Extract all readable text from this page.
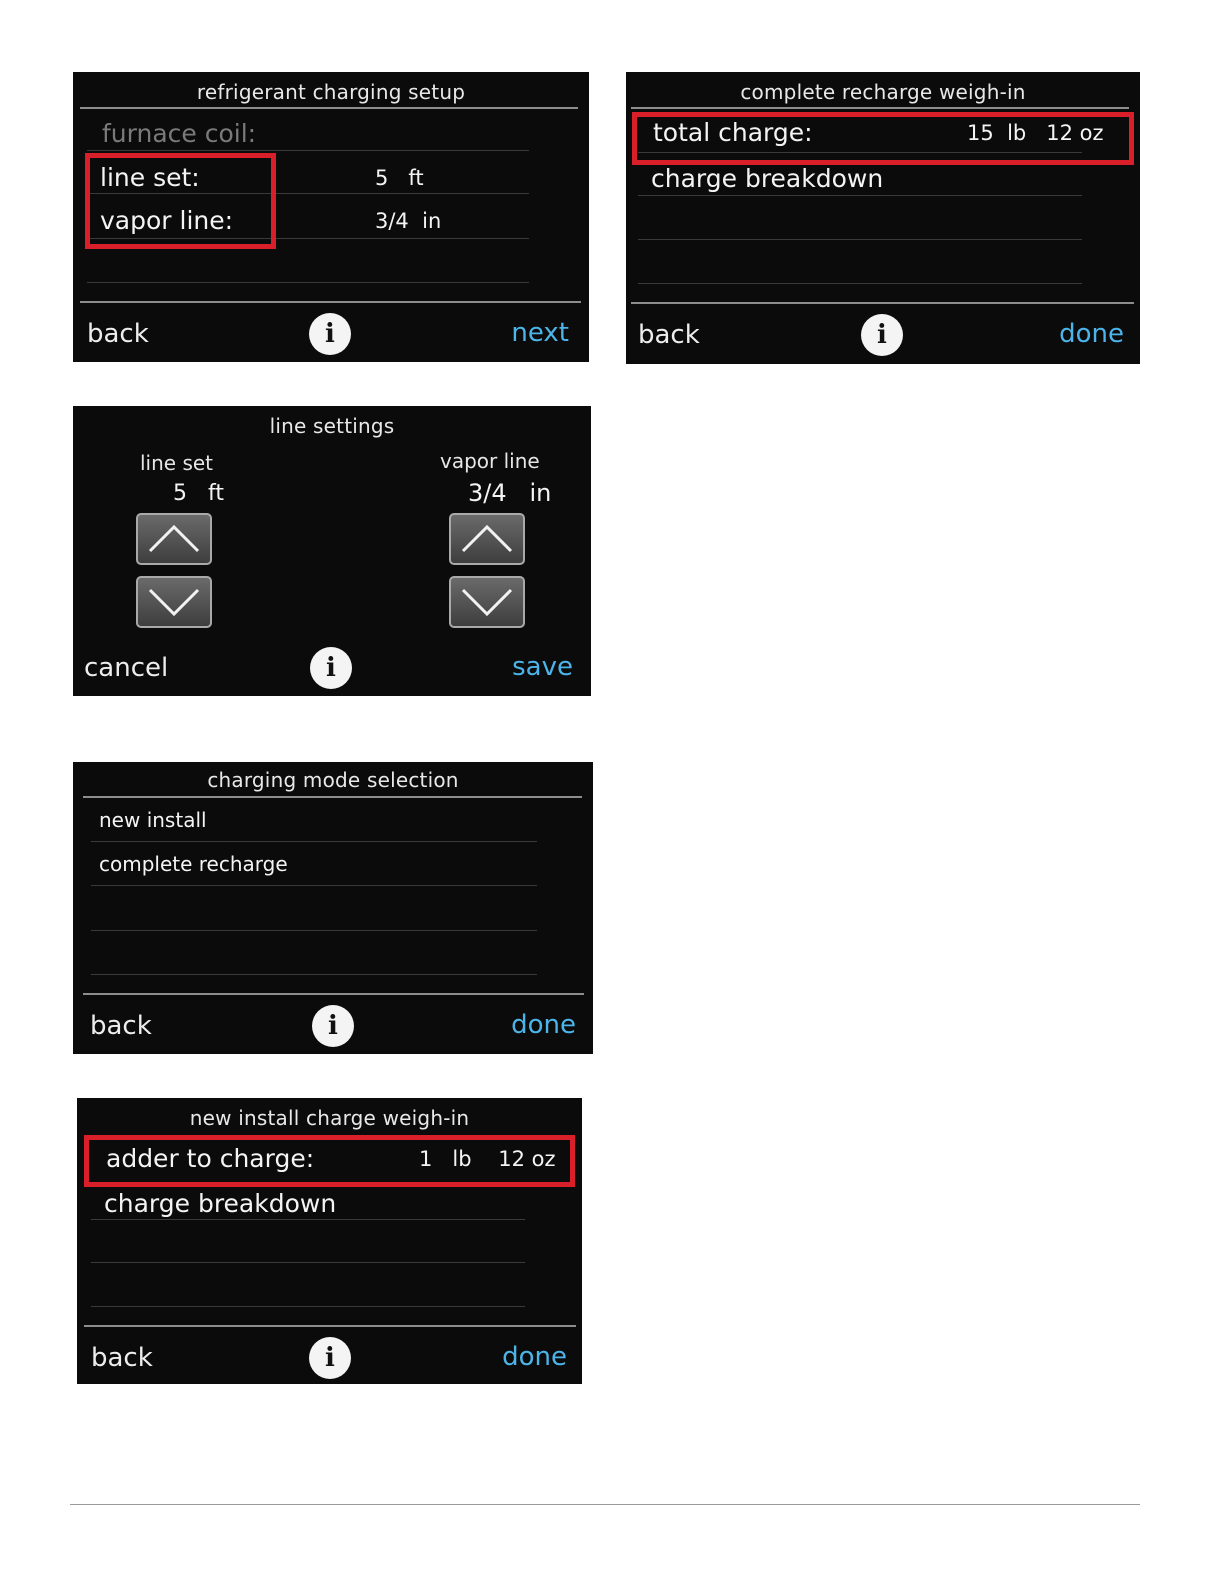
refrigerant charging setup
furnace coil:
line set:	5   ft
vapor line:	3/4  in
back	i	next
complete recharge weigh-in
total charge:	15  lb   12 oz
charge breakdown
back	i	done
line settings
line set
5   ft
vapor line
3/4   in
cancel	i	save
charging mode selection
new install
complete recharge
back	i	done
new install charge weigh-in
adder to charge:	1   lb    12 oz
charge breakdown
back	i	done
